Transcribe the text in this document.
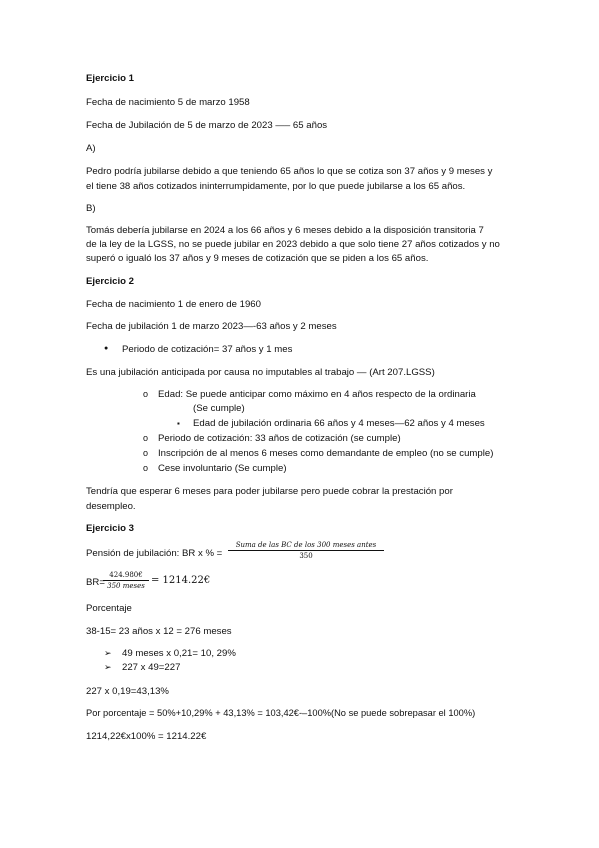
Ejercicio 1
Fecha de nacimiento 5 de marzo 1958
Fecha de Jubilación de 5 de marzo de 2023 —– 65 años
A)
Pedro podría jubilarse debido a que teniendo 65 años lo que se cotiza son 37 años y 9 meses y
el tiene 38 años cotizados ininterrumpidamente, por lo que puede jubilarse a los 65 años.
B)
Tomás debería jubilarse en 2024 a los 66 años y 6 meses debido a la disposición transitoria 7
de la ley de la LGSS, no se puede jubilar en 2023 debido a que solo tiene 27 años cotizados y no
superó o igualó los 37 años y 9 meses de cotización que se piden a los 65 años.
Ejercicio 2
Fecha de nacimiento 1 de enero de 1960
Fecha de jubilación 1 de marzo 2023—-63 años y 2 meses
● Periodo de cotización= 37 años y 1 mes
Es una jubilación anticipada por causa no imputables al trabajo — (Art 207.LGSS)
o Edad: Se puede anticipar como máximo en 4 años respecto de la ordinaria
(Se cumple)
▪ Edad de jubilación ordinaria 66 años y 4 meses—62 años y 4 meses
o Periodo de cotización: 33 años de cotización (se cumple)
o Inscripción de al menos 6 meses como demandante de empleo (no se cumple)
o Cese involuntario (Se cumple)
Tendría que esperar 6 meses para poder jubilarse pero puede cobrar la prestación por
desempleo.
Ejercicio 3
Pensión de jubilación: BR x % =
Suma de las BC de los 300 meses antes
350
BR=
424.980€
350 meses = 1214.22€
Porcentaje
38-15= 23 años x 12 = 276 meses
➢ 49 meses x 0,21= 10, 29%
➢ 227 x 49=227
227 x 0,19=43,13%
Por porcentaje = 50%+10,29% + 43,13% = 103,42€-–100%(No se puede sobrepasar el 100%)
1214,22€x100% = 1214.22€
